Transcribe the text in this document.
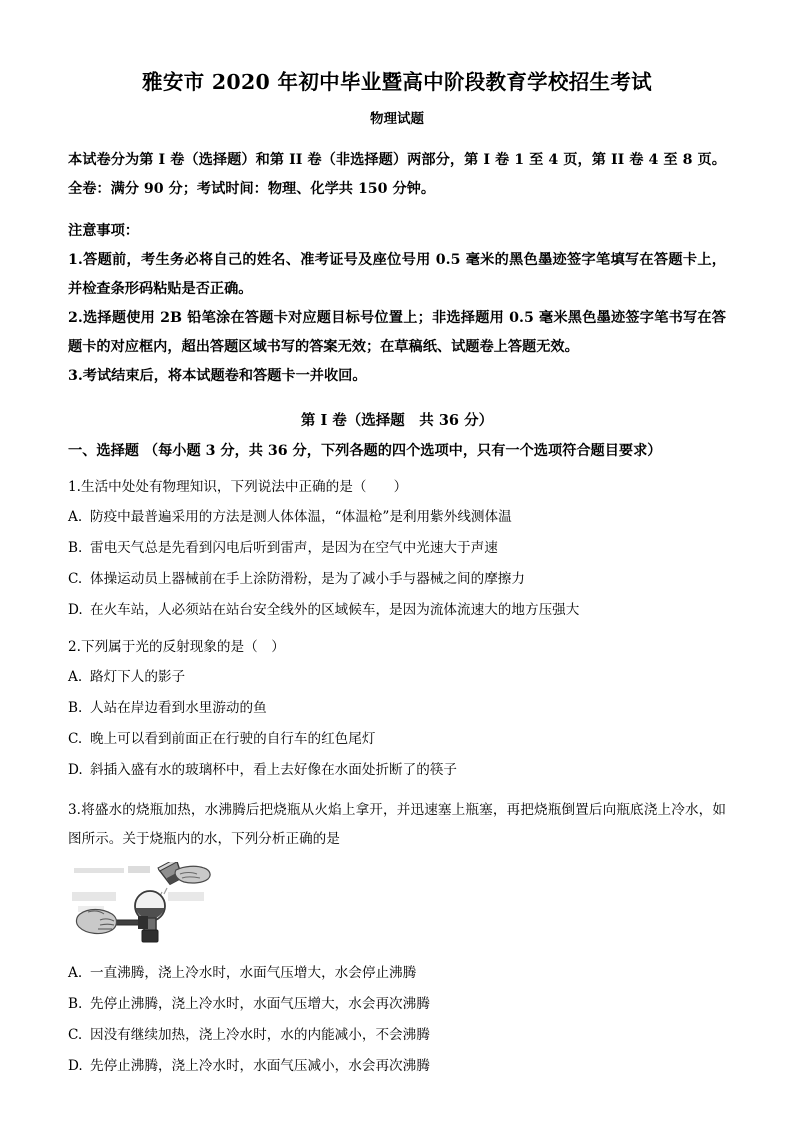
雅安市 2020 年初中毕业暨高中阶段教育学校招生考试
物理试题

本试卷分为第 I 卷（选择题）和第 II 卷（非选择题）两部分，第 I 卷 1 至 4 页，第 II 卷 4 至 8 页。全卷：满分 90 分；考试时间：物理、化学共 150 分钟。

注意事项：

1.答题前，考生务必将自己的姓名、准考证号及座位号用 0.5 毫米的黑色墨迹签字笔填写在答题卡上，并检查条形码粘贴是否正确。

2.选择题使用 2B 铅笔涂在答题卡对应题目标号位置上；非选择题用 0.5 毫米黑色墨迹签字笔书写在答题卡的对应框内，超出答题区域书写的答案无效；在草稿纸、试题卷上答题无效。

3.考试结束后，将本试题卷和答题卡一并收回。

第 I 卷（选择题　共 36 分）

一、选择题 （每小题 3 分，共 36 分，下列各题的四个选项中，只有一个选项符合题目要求）

1.生活中处处有物理知识，下列说法中正确的是（　　）

A. 防疫中最普遍采用的方法是测人体体温，“体温枪”是利用紫外线测体温
B. 雷电天气总是先看到闪电后听到雷声，是因为在空气中光速大于声速
C. 体操运动员上器械前在手上涂防滑粉，是为了减小手与器械之间的摩擦力
D. 在火车站，人必须站在站台安全线外的区域候车，是因为流体流速大的地方压强大

2.下列属于光的反射现象的是（　）

A. 路灯下人的影子
B. 人站在岸边看到水里游动的鱼
C. 晚上可以看到前面正在行驶的自行车的红色尾灯
D. 斜插入盛有水的玻璃杯中，看上去好像在水面处折断了的筷子

3.将盛水的烧瓶加热，水沸腾后把烧瓶从火焰上拿开，并迅速塞上瓶塞，再把烧瓶倒置后向瓶底浇上冷水，如图所示。关于烧瓶内的水，下列分析正确的是

A. 一直沸腾，浇上冷水时，水面气压增大，水会停止沸腾
B. 先停止沸腾，浇上冷水时，水面气压增大，水会再次沸腾
C. 因没有继续加热，浇上冷水时，水的内能减小，不会沸腾
D. 先停止沸腾，浇上冷水时，水面气压减小，水会再次沸腾
